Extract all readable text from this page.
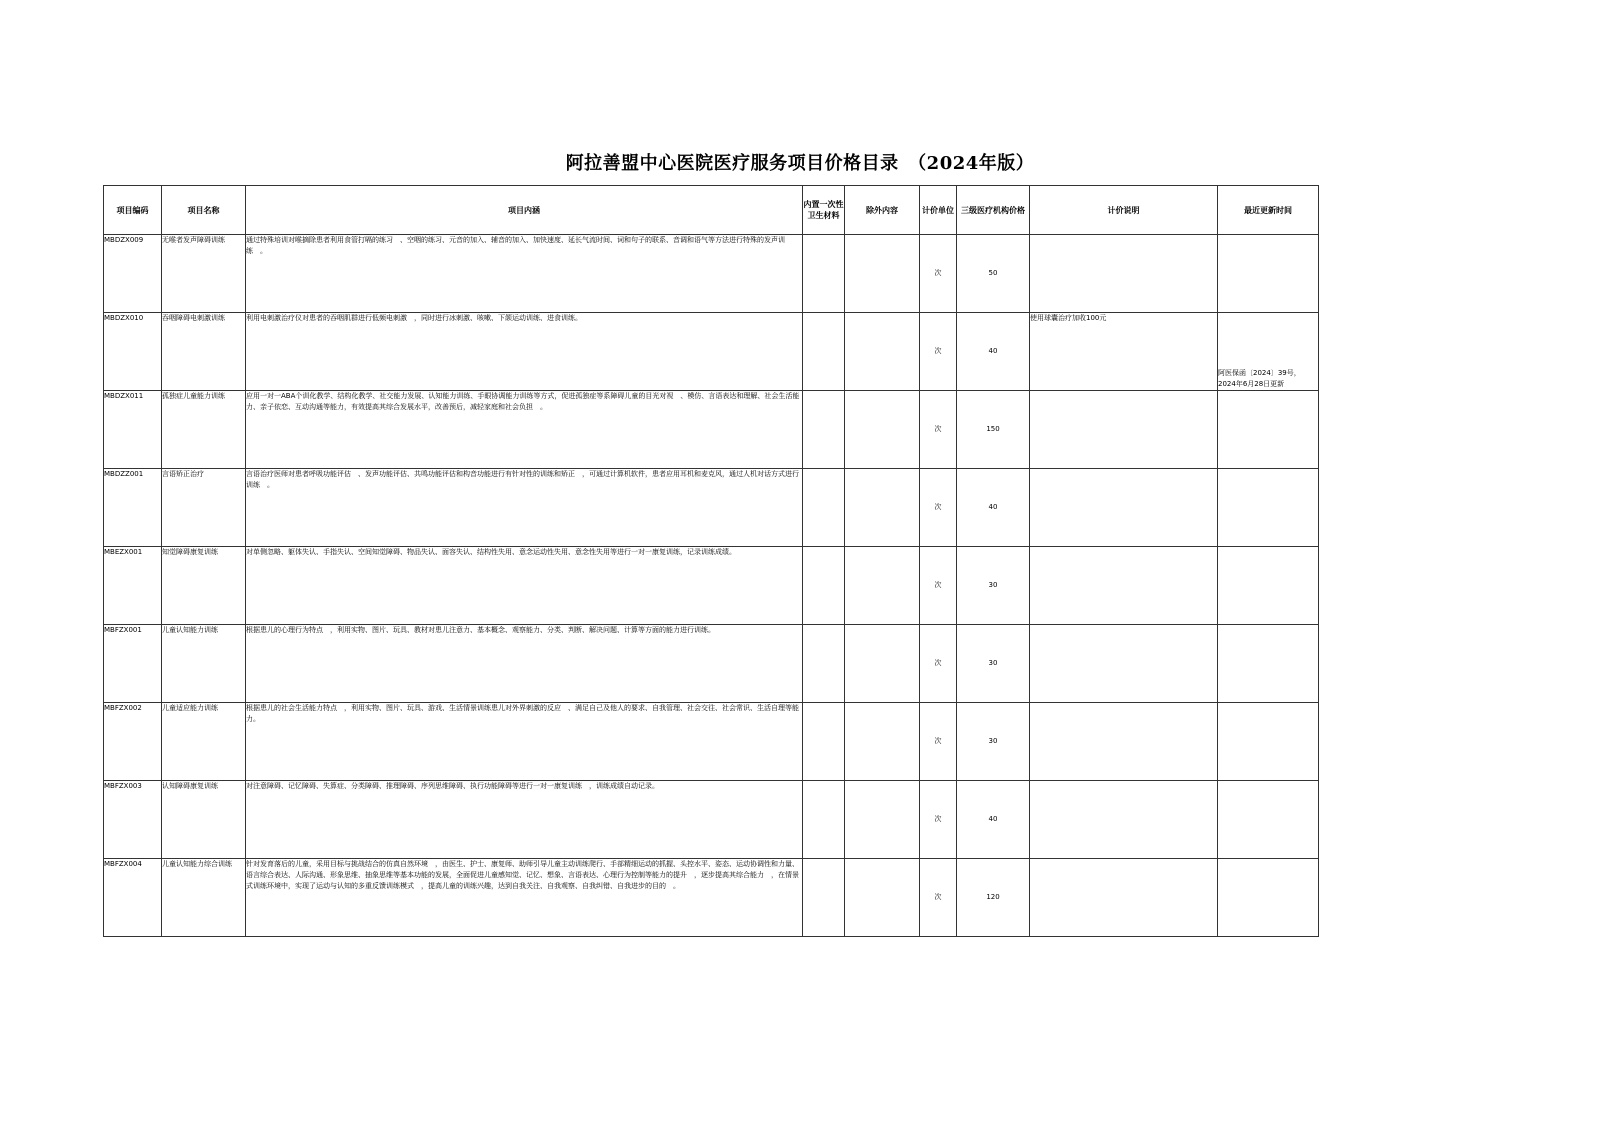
阿拉善盟中心医院医疗服务项目价格目录　（2024年版）
项目编码	项目名称	项目内涵	内置一次性卫生材料	除外内容	计价单位	三级医疗机构价格	计价说明	最近更新时间
MBDZX009	无喉者发声障碍训练	通过特殊培训对喉摘除患者利用食管打嗝的练习　、空咽的练习、元音的加入、辅音的加入、加快速度、延长气流时间、词和句子的联系、音调和语气等方法进行特殊的发声训练　。			次	50		
MBDZX010	吞咽障碍电刺激训练	利用电刺激治疗仪对患者的吞咽肌群进行低频电刺激　，同时进行冰刺激、咳嗽、下颌运动训练、进食训练。			次	40	使用球囊治疗加收100元	阿医保函〔2024〕39号，2024年6月28日更新
MBDZX011	孤独症儿童能力训练	应用一对一ABA个训化教学、结构化教学、社交能力发展、认知能力训练、手眼协调能力训练等方式，促进孤独症等系障碍儿童的目光对视　、模仿、言语表达和理解、社会生活能力、亲子依恋、互动沟通等能力，有效提高其综合发展水平，改善预后，减轻家庭和社会负担　。			次	150		
MBDZZ001	言语矫正治疗	言语治疗医师对患者呼吸功能评估　、发声功能评估、共鸣功能评估和构音功能进行有针对性的训练和矫正　，可通过计算机软件，患者应用耳机和麦克风，通过人机对话方式进行训练　。			次	40		
MBEZX001	知觉障碍康复训练	对单侧忽略、躯体失认、手指失认、空间知觉障碍、物品失认、面容失认、结构性失用、意念运动性失用、意念性失用等进行一对一康复训练，记录训练成绩。			次	30		
MBFZX001	儿童认知能力训练	根据患儿的心理行为特点　，利用实物、图片、玩具、教材对患儿注意力、基本概念、观察能力、分类、判断、解决问题、计算等方面的能力进行训练。			次	30		
MBFZX002	儿童适应能力训练	根据患儿的社会生活能力特点　，利用实物、图片、玩具、游戏、生活情景训练患儿对外界刺激的反应　、满足自己及他人的要求、自我管理、社会交往、社会常识、生活自理等能力。			次	30		
MBFZX003	认知障碍康复训练	对注意障碍、记忆障碍、失算症、分类障碍、推理障碍、序列思维障碍、执行功能障碍等进行一对一康复训练　，训练成绩自动记录。			次	40		
MBFZX004	儿童认知能力综合训练	针对发育落后的儿童，采用目标与挑战结合的仿真自然环境　，由医生、护士、康复师、助师引导儿童主动训练爬行、手部精细运动的抓握、头控水平、姿态、运动协调性和力量、语言综合表达、人际沟通、形象思维、抽象思维等基本功能的发展，全面促进儿童感知觉、记忆、想象、言语表达、心理行为控制等能力的提升　，逐步提高其综合能力　，在情景式训练环境中，实现了运动与认知的多重反馈训练模式　，提高儿童的训练兴趣，达到自我关注、自我观察、自我纠错、自我进步的目的　。			次	120		
